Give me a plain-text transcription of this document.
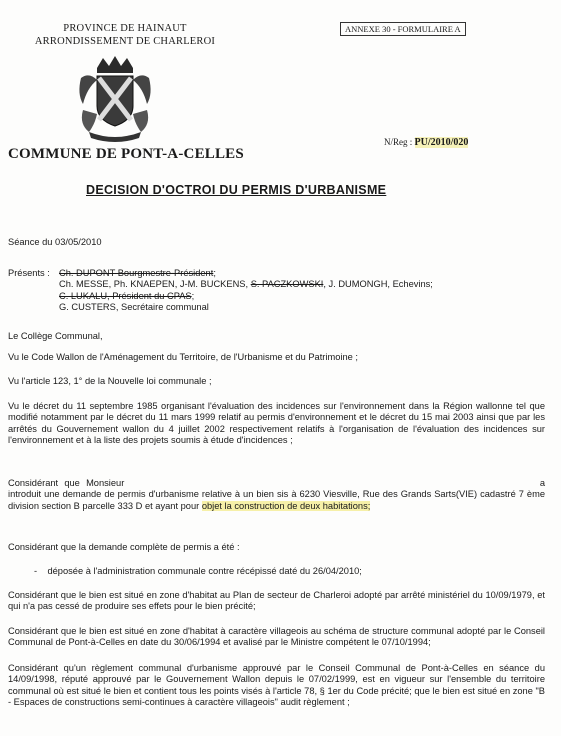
PROVINCE DE HAINAUT
ARRONDISSEMENT DE CHARLEROI
ANNEXE 30 - FORMULAIRE A
COMMUNE DE PONT-A-CELLES
N/Reg : PU/2010/020
DECISION D'OCTROI DU PERMIS D'URBANISME
Séance du 03/05/2010
Présents : Ch. DUPONT Bourgmestre-Président;
Ch. MESSE, Ph. KNAEPEN, J-M. BUCKENS, S. PACZKOWSKI, J. DUMONGH, Echevins;
C. LUKALU, Président du CPAS;
G. CUSTERS, Secrétaire communal
Le Collège Communal,
Vu le Code Wallon de l'Aménagement du Territoire, de l'Urbanisme et du Patrimoine ;
Vu l'article 123, 1° de la Nouvelle loi communale ;
Vu le décret du 11 septembre 1985 organisant l'évaluation des incidences sur l'environnement dans la Région wallonne tel que modifié notamment par le décret du 11 mars 1999 relatif au permis d'environnement et le décret du 15 mai 2003 ainsi que par les arrêtés du Gouvernement wallon du 4 juillet 2002 respectivement relatifs à l'organisation de l'évaluation des incidences sur l'environnement et à la liste des projets soumis à étude d'incidences ;
Considérant que Monsieur	a introduit une demande de permis d'urbanisme relative à un bien sis à 6230 Viesville, Rue des Grands Sarts(VIE) cadastré 7 ème division section B parcelle 333 D et ayant pour objet la construction de deux habitations;
Considérant que la demande complète de permis a été :
-    déposée à l'administration communale contre récépissé daté du 26/04/2010;
Considérant que le bien est situé en zone d'habitat au Plan de secteur de Charleroi adopté par arrêté ministériel du 10/09/1979, et qui n'a pas cessé de produire ses effets pour le bien précité;
Considérant que le bien est situé en zone d'habitat à caractère villageois au schéma de structure communal adopté par le Conseil Communal de Pont-à-Celles en date du 30/06/1994 et avalisé par le Ministre compétent le 07/10/1994;
Considérant qu'un règlement communal d'urbanisme approuvé par le Conseil Communal de Pont-à-Celles en séance du 14/09/1998, réputé approuvé par le Gouvernement Wallon depuis le 07/02/1999, est en vigueur sur l'ensemble du territoire communal où est situé le bien et contient tous les points visés à l'article 78, § 1er du Code précité; que le bien est situé en zone "B - Espaces de constructions semi-continues à caractère villageois" audit règlement ;
